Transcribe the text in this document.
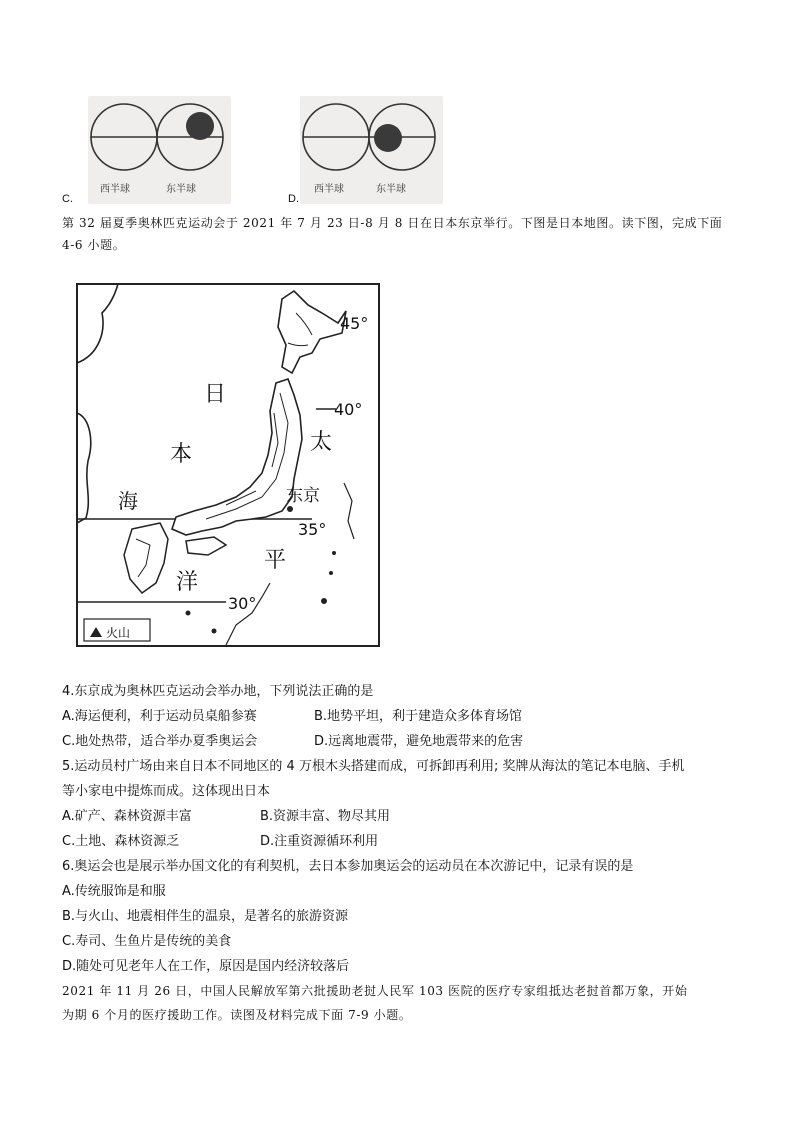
西半球	东半球
C.
西半球	东半球
D.
第 32 届夏季奥林匹克运动会于 2021 年 7 月 23 日-8 月 8 日在日本东京举行。下图是日本地图。读下图，完成下面 4-6 小题。
日
本
海
太
平
洋
东京
45°
40°
35°
30°
火山
4.东京成为奥林匹克运动会举办地，下列说法正确的是
A.海运便利，利于运动员桌船参赛	B.地势平坦，利于建造众多体育场馆
C.地处热带，适合举办夏季奥运会	D.远离地震带，避免地震带来的危害
5.运动员村广场由来自日本不同地区的 4 万根木头搭建而成，可拆卸再利用; 奖牌从海汰的笔记本电脑、手机
等小家电中提炼而成。这体现出日本
A.矿产、森林资源丰富	B.资源丰富、物尽其用
C.土地、森林资源乏	D.注重资源循环利用
6.奥运会也是展示举办国文化的有利契机，去日本参加奥运会的运动员在本次游记中，记录有误的是
A.传统服饰是和服
B.与火山、地震相伴生的温泉，是著名的旅游资源
C.寿司、生鱼片是传统的美食
D.随处可见老年人在工作，原因是国内经济较落后
2021 年 11 月 26 日，中国人民解放军第六批援助老挝人民军 103 医院的医疗专家组抵达老挝首都万象，开始
为期 6 个月的医疗援助工作。读图及材料完成下面 7-9 小题。
